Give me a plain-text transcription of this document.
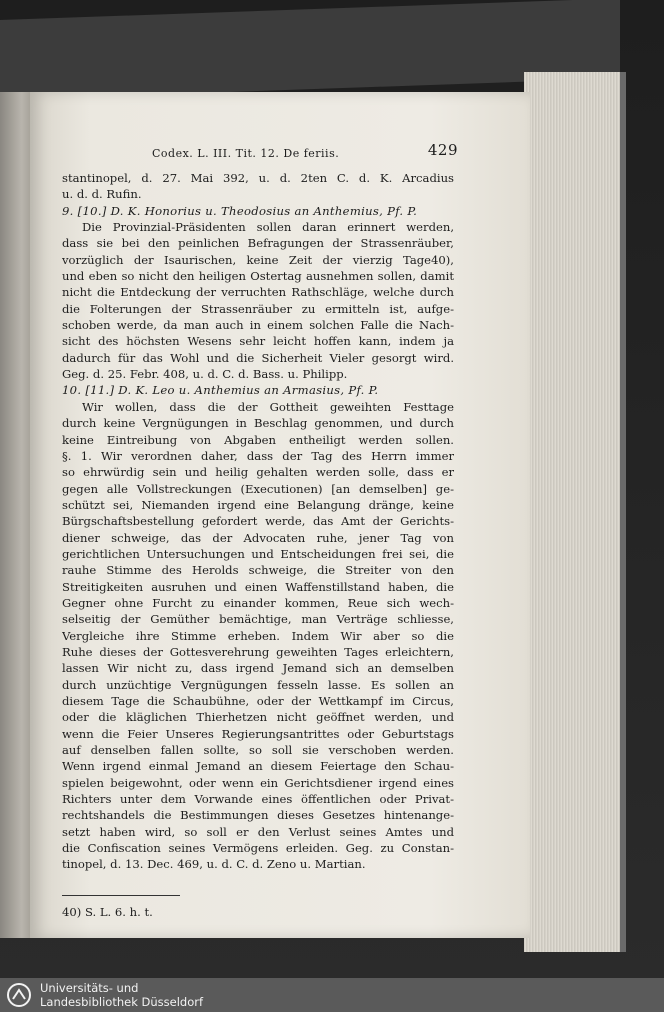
Codex. L. III. Tit. 12. De feriis.	429
stantinopel, d. 27. Mai 392, u. d. 2ten C. d. K. Arcadius
u. d. d. Rufin.
9. [10.] D. K. Honorius u. Theodosius an Anthemius, Pf. P.
Die Provinzial-Präsidenten sollen daran erinnert werden,
dass sie bei den peinlichen Befragungen der Strassenräuber,
vorzüglich der Isaurischen, keine Zeit der vierzig Tage40),
und eben so nicht den heiligen Ostertag ausnehmen sollen, damit
nicht die Entdeckung der verruchten Rathschläge, welche durch
die Folterungen der Strassenräuber zu ermitteln ist, aufge-
schoben werde, da man auch in einem solchen Falle die Nach-
sicht des höchsten Wesens sehr leicht hoffen kann, indem ja
dadurch für das Wohl und die Sicherheit Vieler gesorgt wird.
Geg. d. 25. Febr. 408, u. d. C. d. Bass. u. Philipp.
10. [11.] D. K. Leo u. Anthemius an Armasius, Pf. P.
Wir wollen, dass die der Gottheit geweihten Festtage
durch keine Vergnügungen in Beschlag genommen, und durch
keine Eintreibung von Abgaben entheiligt werden sollen.
§. 1. Wir verordnen daher, dass der Tag des Herrn immer
so ehrwürdig sein und heilig gehalten werden solle, dass er
gegen alle Vollstreckungen (Executionen) [an demselben] ge-
schützt sei, Niemanden irgend eine Belangung dränge, keine
Bürgschaftsbestellung gefordert werde, das Amt der Gerichts-
diener schweige, das der Advocaten ruhe, jener Tag von
gerichtlichen Untersuchungen und Entscheidungen frei sei, die
rauhe Stimme des Herolds schweige, die Streiter von den
Streitigkeiten ausruhen und einen Waffenstillstand haben, die
Gegner ohne Furcht zu einander kommen, Reue sich wech-
selseitig der Gemüther bemächtige, man Verträge schliesse,
Vergleiche ihre Stimme erheben. Indem Wir aber so die
Ruhe dieses der Gottesverehrung geweihten Tages erleichtern,
lassen Wir nicht zu, dass irgend Jemand sich an demselben
durch unzüchtige Vergnügungen fesseln lasse. Es sollen an
diesem Tage die Schaubühne, oder der Wettkampf im Circus,
oder die kläglichen Thierhetzen nicht geöffnet werden, und
wenn die Feier Unseres Regierungsantrittes oder Geburtstags
auf denselben fallen sollte, so soll sie verschoben werden.
Wenn irgend einmal Jemand an diesem Feiertage den Schau-
spielen beigewohnt, oder wenn ein Gerichtsdiener irgend eines
Richters unter dem Vorwande eines öffentlichen oder Privat-
rechtshandels die Bestimmungen dieses Gesetzes hintenange-
setzt haben wird, so soll er den Verlust seines Amtes und
die Confiscation seines Vermögens erleiden. Geg. zu Constan-
tinopel, d. 13. Dec. 469, u. d. C. d. Zeno u. Martian.
40) S. L. 6. h. t.
Universitäts- und
Landesbibliothek Düsseldorf
